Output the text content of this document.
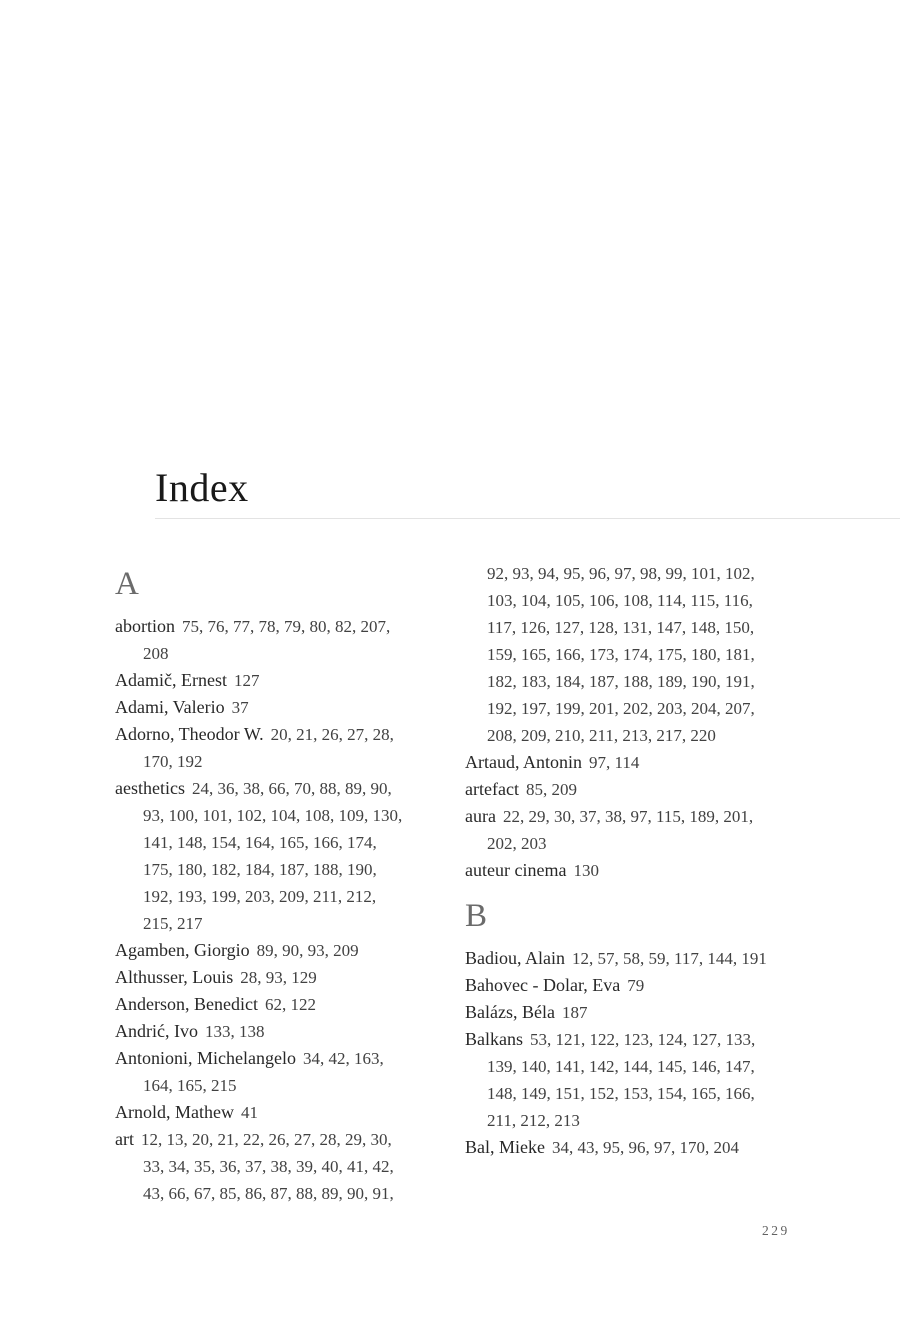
Index
A

abortion 75, 76, 77, 78, 79, 80, 82, 207, 208

Adamič, Ernest 127

Adami, Valerio 37

Adorno, Theodor W. 20, 21, 26, 27, 28, 170, 192

aesthetics 24, 36, 38, 66, 70, 88, 89, 90, 93, 100, 101, 102, 104, 108, 109, 130, 141, 148, 154, 164, 165, 166, 174, 175, 180, 182, 184, 187, 188, 190, 192, 193, 199, 203, 209, 211, 212, 215, 217

Agamben, Giorgio 89, 90, 93, 209

Althusser, Louis 28, 93, 129

Anderson, Benedict 62, 122

Andrić, Ivo 133, 138

Antonioni, Michelangelo 34, 42, 163, 164, 165, 215

Arnold, Mathew 41

art 12, 13, 20, 21, 22, 26, 27, 28, 29, 30, 33, 34, 35, 36, 37, 38, 39, 40, 41, 42, 43, 66, 67, 85, 86, 87, 88, 89, 90, 91,

92, 93, 94, 95, 96, 97, 98, 99, 101, 102, 103, 104, 105, 106, 108, 114, 115, 116, 117, 126, 127, 128, 131, 147, 148, 150, 159, 165, 166, 173, 174, 175, 180, 181, 182, 183, 184, 187, 188, 189, 190, 191, 192, 197, 199, 201, 202, 203, 204, 207, 208, 209, 210, 211, 213, 217, 220

Artaud, Antonin 97, 114

artefact 85, 209

aura 22, 29, 30, 37, 38, 97, 115, 189, 201, 202, 203

auteur cinema 130

B

Badiou, Alain 12, 57, 58, 59, 117, 144, 191

Bahovec - Dolar, Eva 79

Balázs, Béla 187

Balkans 53, 121, 122, 123, 124, 127, 133, 139, 140, 141, 142, 144, 145, 146, 147, 148, 149, 151, 152, 153, 154, 165, 166, 211, 212, 213

Bal, Mieke 34, 43, 95, 96, 97, 170, 204

229
